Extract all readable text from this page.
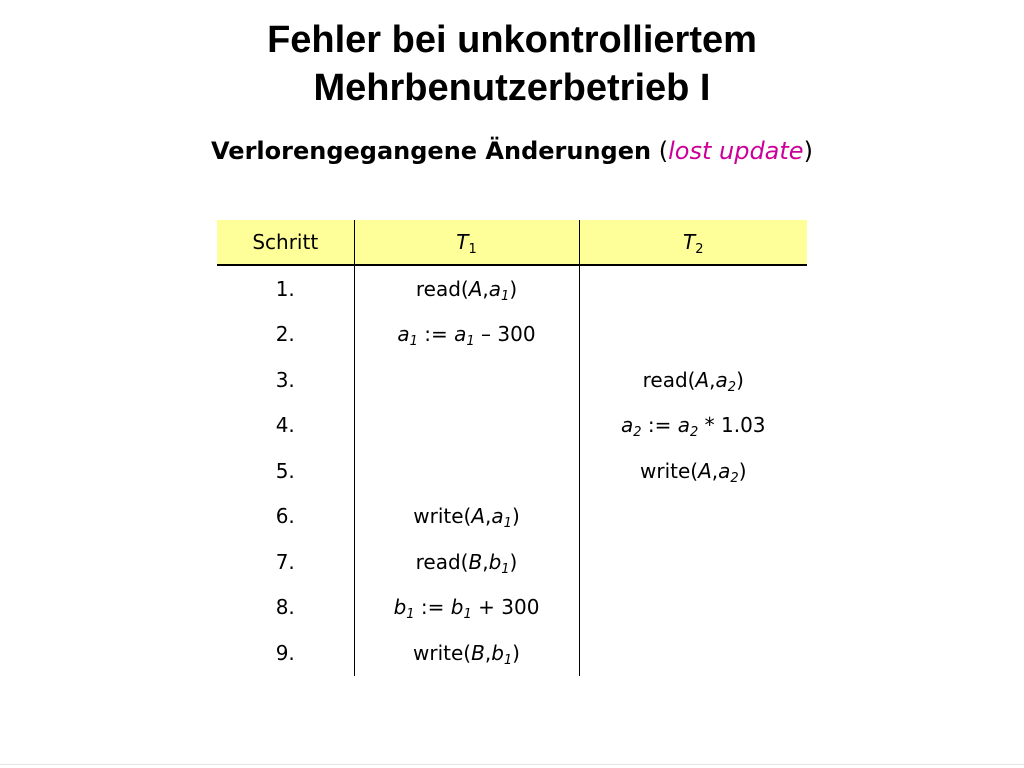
Fehler bei unkontrolliertem
Mehrbenutzerbetrieb I
Verlorengegangene Änderungen (lost update)
Schritt	$T_1$	$T_2$
1.	$read(A,a_1)$	
2.	$a_1$ := $a_1 - 300$	
3.		$read(A,a_2)$
4.		$a_2$ := $a_2 * 1.03$
5.		$write(A,a_2)$
6.	$write(A,a_1)$	
7.	$read(B,b_1)$	
8.	$b_1$ := $b_1 + 300$	
9.	$write(B,b_1)$	
